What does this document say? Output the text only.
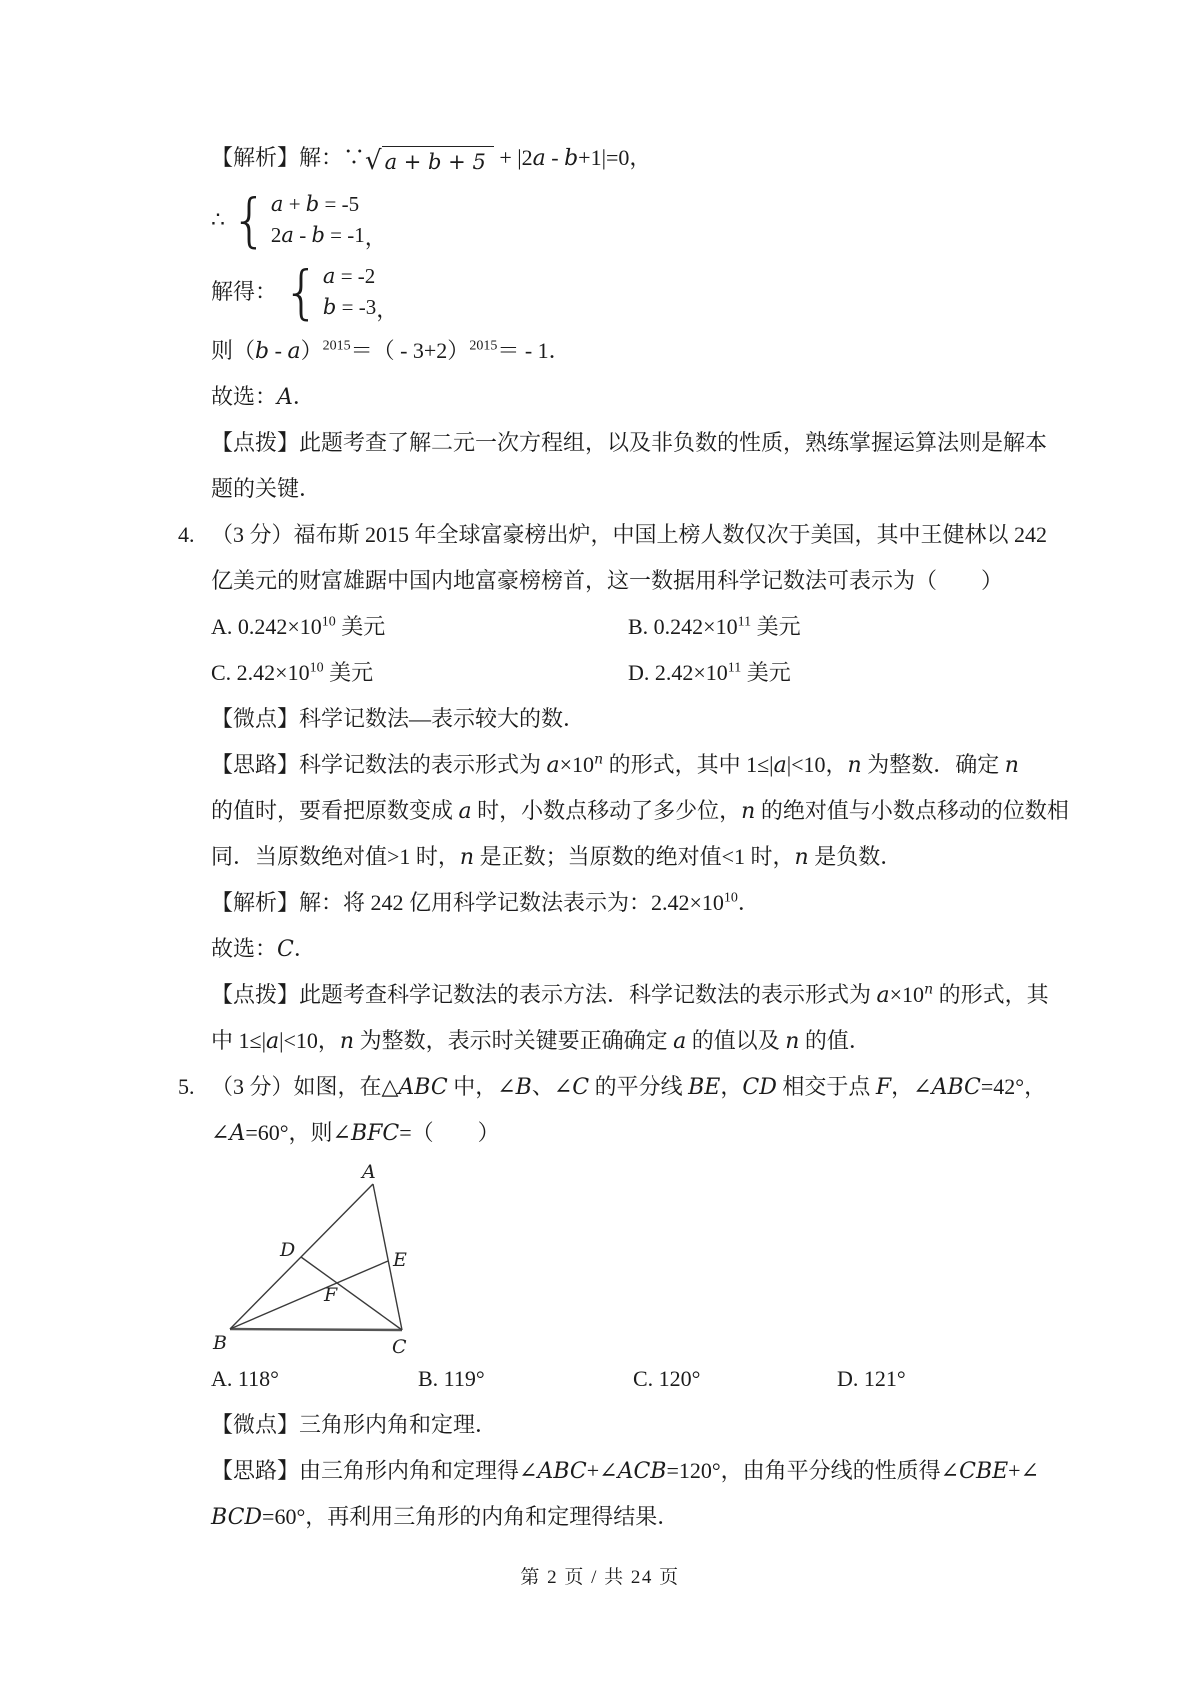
【解析】解：∵ √ a + b + 5 + |2a - b+1|=0，
∴ { a + b = -5
2a - b = -1 ，
解得： { a = -2
b = -3 ，
则$(b - a)^{2015}=( - 3+2)^{2015}= - 1$．
故选：A．
【点拨】此题考查了解二元一次方程组，以及非负数的性质，熟练掌握运算法则是解本
题的关键．
4. （3 分）福布斯 2015 年全球富豪榜出炉，中国上榜人数仅次于美国，其中王健林以 242
亿美元的财富雄踞中国内地富豪榜榜首，这一数据用科学记数法可表示为（　　）
A. $0.242\times 10^{10}$ 美元	B. $0.242\times 10^{11}$ 美元
C. $2.42\times 10^{10}$ 美元	D. $2.42\times 10^{11}$ 美元
【微点】科学记数法—表示较大的数．
【思路】科学记数法的表示形式为 $a\times 10^n$ 的形式，其中 1≤|a|<10，n 为整数．确定 n
的值时，要看把原数变成 a 时，小数点移动了多少位，n 的绝对值与小数点移动的位数相
同．当原数绝对值>1 时，n 是正数；当原数的绝对值<1 时，n 是负数．
【解析】解：将 242 亿用科学记数法表示为：$2.42\times 10^{10}$．
故选：C．
【点拨】此题考查科学记数法的表示方法．科学记数法的表示形式为 $a\times 10^n$ 的形式，其
中 1≤|a|<10，n 为整数，表示时关键要正确确定 a 的值以及 n 的值．
5. （3 分）如图，在△ABC 中，∠B、∠C 的平分线 BE，CD 相交于点 F，∠ABC=42°，
∠A=60°，则∠BFC=（　　）
A
B	C
D	E
F
A. 118°	B. 119°	C. 120°	D. 121°
【微点】三角形内角和定理．
【思路】由三角形内角和定理得∠ABC+∠ACB=120°，由角平分线的性质得∠CBE+∠
BCD=60°，再利用三角形的内角和定理得结果．
第 2 页 / 共 24 页
